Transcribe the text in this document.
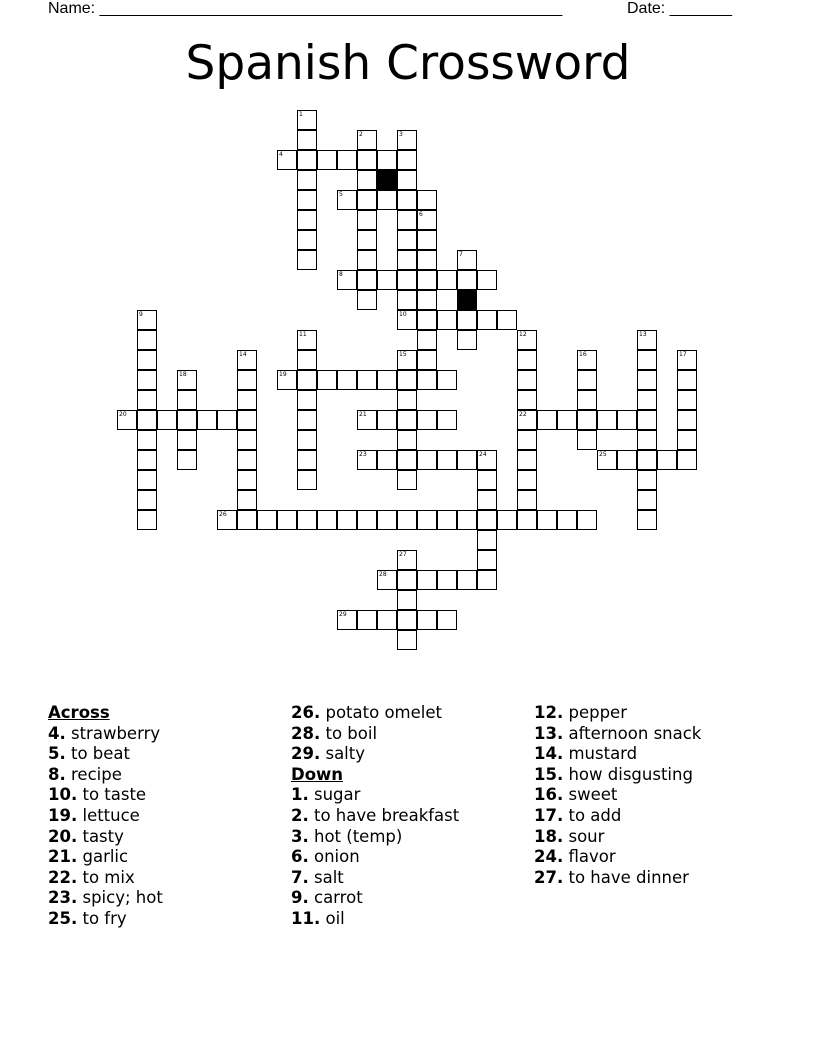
Name: ____________________________________________________	Date: _______
Spanish Crossword
1
2	3
4
5
6
7
8
9	10
11	12
22
13
14	15	16	17
18	19
20	21
23	24	25
26
27
28
29
Across
4. strawberry
5. to beat
8. recipe
10. to taste
19. lettuce
20. tasty
21. garlic
22. to mix
23. spicy; hot
25. to fry
26. potato omelet
28. to boil
29. salty
Down
1. sugar
2. to have breakfast
3. hot (temp)
6. onion
7. salt
9. carrot
11. oil
12. pepper
13. afternoon snack
14. mustard
15. how disgusting
16. sweet
17. to add
18. sour
24. flavor
27. to have dinner
